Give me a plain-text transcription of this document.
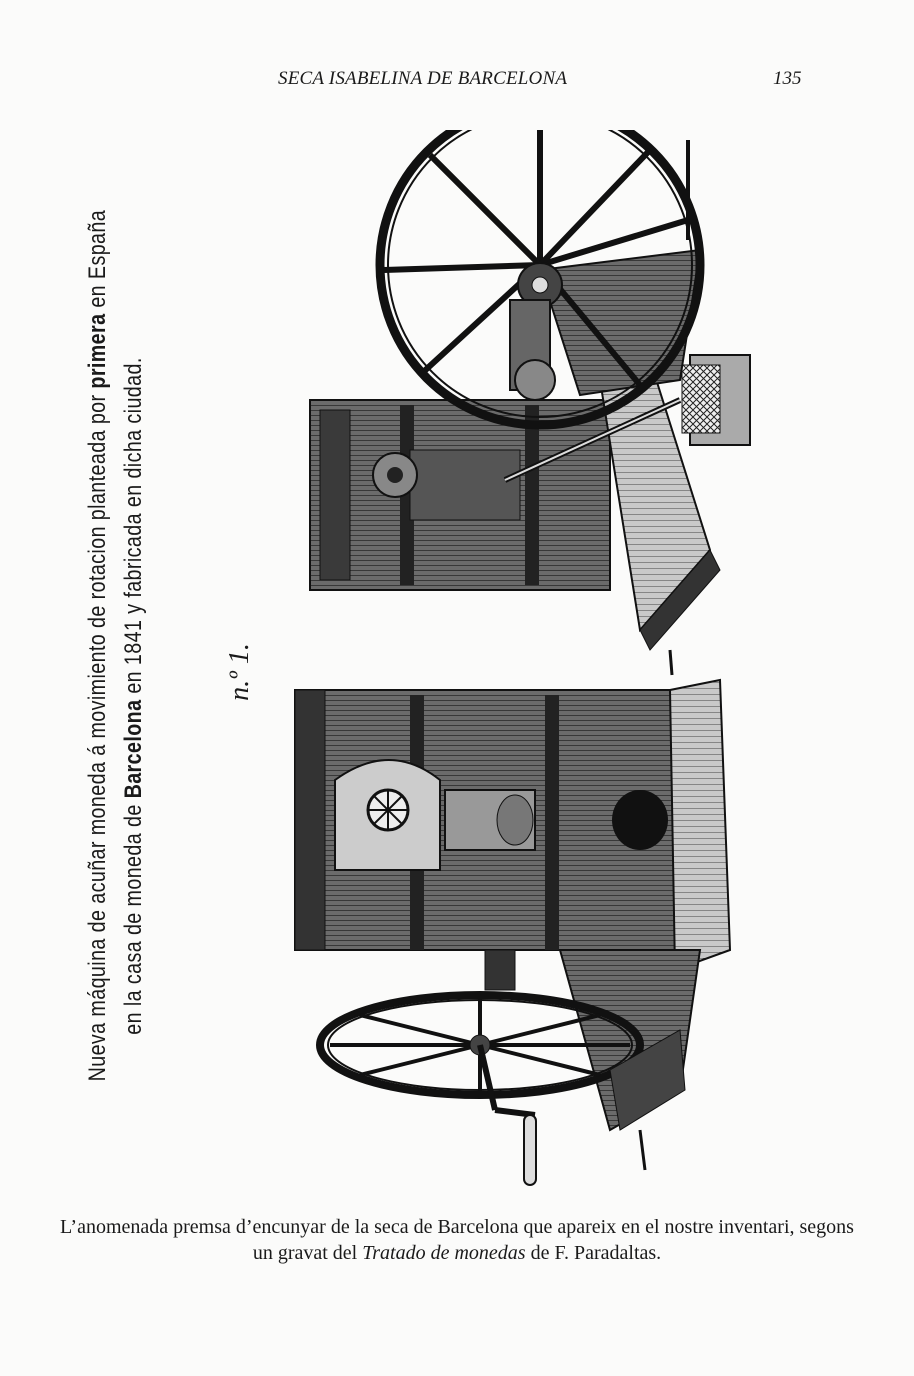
SECA ISABELINA DE BARCELONA	135
Nueva máquina de acuñar moneda á movimiento de rotacion planteada por primera en España
en la casa de moneda de Barcelona en 1841 y fabricada en dicha ciudad.	n.º 1.
L’anomenada premsa d’encunyar de la seca de Barcelona que apareix en el nostre inventari, segons un gravat del Tratado de monedas de F. Paradaltas.
